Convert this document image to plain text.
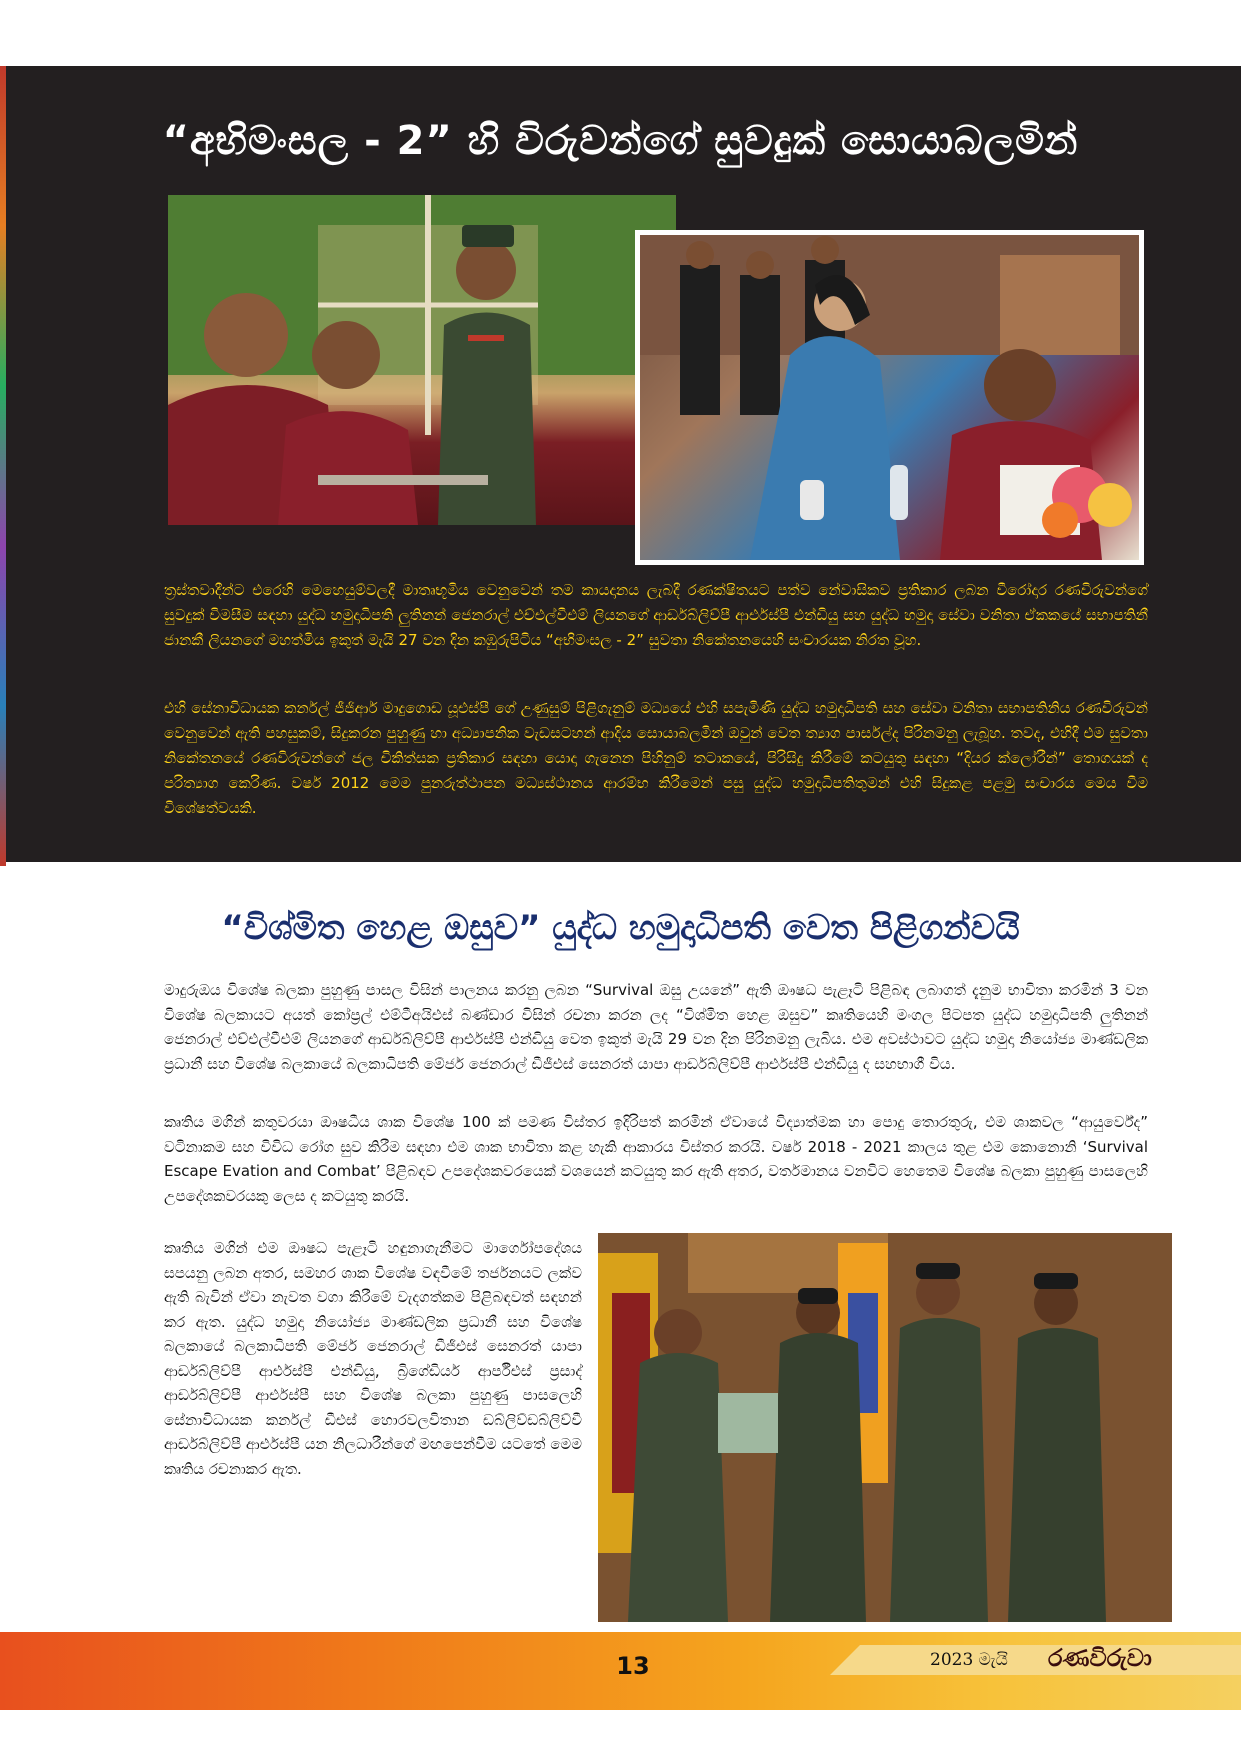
“අභිමංසල - 2” හි විරුවන්ගේ සුවදුක් සොයාබලමින්

ත්‍රස්තවාදීන්ට එරෙහි මෙහෙයුම්වලදී මාතෘභූමිය වෙනුවෙන් තම කායදානය ලැබදී රණක්ෂිතයට පත්ව නේවාසිකව ප්‍රතිකාර ලබන වීරෝදාර රණවිරුවන්ගේ සුවදුක් විමසීම සඳහා යුද්ධ හමුදාධිපති ලුතිනන් ජෙනරාල් එච්එල්වීඑම් ලියනගේ ආර්ඩබ්ලිව්පී ආර්එස්පී එන්ඩියු සහ යුද්ධ හමුදා සේවා වනිතා ඒකකයේ සභාපතිනී ජානකී ලියනගේ මහත්මිය ඉකුත් මැයි 27 වන දින කඹුරුපිටිය “අභිමංසල - 2” සුවතා නිකේතනයෙහි සංචාරයක නිරත වූහ.

එහි සේනාවිධායක කර්නල් ජීජිආර් මාදුගොඩ යූඑස්පී ගේ උණුසුම් පිළිගැනුම් මධ්‍යයේ එහි සපැමිණි යුද්ධ හමුදාධිපති සහ සේවා වනිතා සභාපතිනිය රණවිරුවන් වෙනුවෙන් ඇති පහසුකම්, සිදුකරන පුහුණු හා අධ්‍යාපනික වැඩසටහන් ආදිය සොයාබලමින් ඔවුන් වෙත ත්‍යාග පාර්සල්ද පිරිනමනු ලැබූහ. තවද, එහිදී එම සුවතා නිකේතනයේ රණවිරුවන්ගේ ජල චිකිත්සක ප්‍රතිකාර සඳහා යොදා ගැනෙන පිහිනුම් තටාකයේ, පිරිසිදු කිරීමේ කටයුතු සඳහා “දියර ක්ලෝරීන්” තොගයක් ද පරිත්‍යාග කෙරිණ. වර්ෂ 2012 මෙම පුනරුත්ථාපන මධ්‍යස්ථානය ආරම්භ කිරීමෙන් පසු යුද්ධ හමුදාධිපතිතුමන් එහි සිදුකළ පළමු සංචාරය මෙය වීම විශේෂත්වයකි.

“විශ්මිත හෙළ ඔසුව” යුද්ධ හමුදාධිපති වෙත පිළිගන්වයි

මාදුරුඔය විශේෂ බලකා පුහුණු පාසල විසින් පාලනය කරනු ලබන “Survival ඔසු උයනේ” ඇති ඖෂධ පැළෑටි පිළිබඳ ලබාගත් දැනුම භාවිතා කරමින් 3 වන විශේෂ බලකායට අයත් කෝප්‍රල් එම්ටීඅයිඑස් බණ්ඩාර විසින් රචනා කරන ලද “විශ්මිත හෙළ ඔසුව” කෘතියෙහි මංගල පිටපත යුද්ධ හමුදාධිපති ලුතිනන් ජෙනරාල් එච්එල්වීඑම් ලියනගේ ආර්ඩබ්ලිව්පී ආර්එස්පී එන්ඩියු වෙත ඉකුත් මැයි 29 වන දින පිරිනමනු ලැබිය. එම අවස්ථාවට යුද්ධ හමුදා නියෝජ්‍ය මාණ්ඩලික ප්‍රධානී සහ විශේෂ බලකායේ බලකාධිපති මේජර් ජෙනරාල් ඩීජීඑස් සෙනරත් යාපා ආර්ඩබ්ලිව්පී ආර්එස්පී එන්ඩියු ද සහභාගී විය.

කෘතිය මගින් කතුවරයා ඖෂධීය ශාක විශේෂ 100 ක් පමණ විස්තර ඉදිරිපත් කරමින් ඒවායේ විද්‍යාත්මක හා පොදු තොරතුරු, එම ශාකවල “ආයුර්වේද” වටිනාකම සහ විවිධ රෝග සුව කිරීම සඳහා එම ශාක භාවිතා කළ හැකි ආකාරය විස්තර කරයි. වර්ෂ 2018 - 2021 කාලය තුළ එම කොනොනි ‘Survival Escape Evation and Combat’ පිළිබඳව උපදේශකවරයෙක් වශයෙන් කටයුතු කර ඇති අතර, වර්තමානය වනවිට හෙතෙම විශේෂ බලකා පුහුණු පාසලෙහි උපදේශකවරයකු ලෙස ද කටයුතු කරයි.

කෘතිය මගින් එම ඖෂධ පැළෑටි හඳුනාගැනීමට මාර්ගෝපදේශය සපයනු ලබන අතර, සමහර ශාක විශේෂ වඳවීමේ තර්ජනයට ලක්ව ඇති බැවින් ඒවා නැවත වගා කිරීමේ වැදගත්කම පිළිබඳවත් සඳහන් කර ඇත. යුද්ධ හමුදා නියෝජ්‍ය මාණ්ඩලික ප්‍රධානී සහ විශේෂ බලකායේ බලකාධිපති මේජර් ජෙනරාල් ඩීජීඑස් සෙනරත් යාපා ආර්ඩබ්ලිව්පී ආර්එස්පී එන්ඩියු, බ්‍රිගේඩියර් ආර්පීඑස් ප්‍රසාද් ආර්ඩබ්ලිව්පී ආර්එස්පී සහ විශේෂ බලකා පුහුණු පාසලෙහි සේනාවිධායක කර්නල් ඩීඑස් හොරවලවිතාන ඩබ්ලිව්ඩබ්ලිව්වී ආර්ඩබ්ලිව්පී ආර්එස්පී යන නිලධාරීන්ගේ මඟපෙන්වීම යටතේ මෙම කෘතිය රචනාකර ඇත.

13	2023 මැයි රණවිරුවා
